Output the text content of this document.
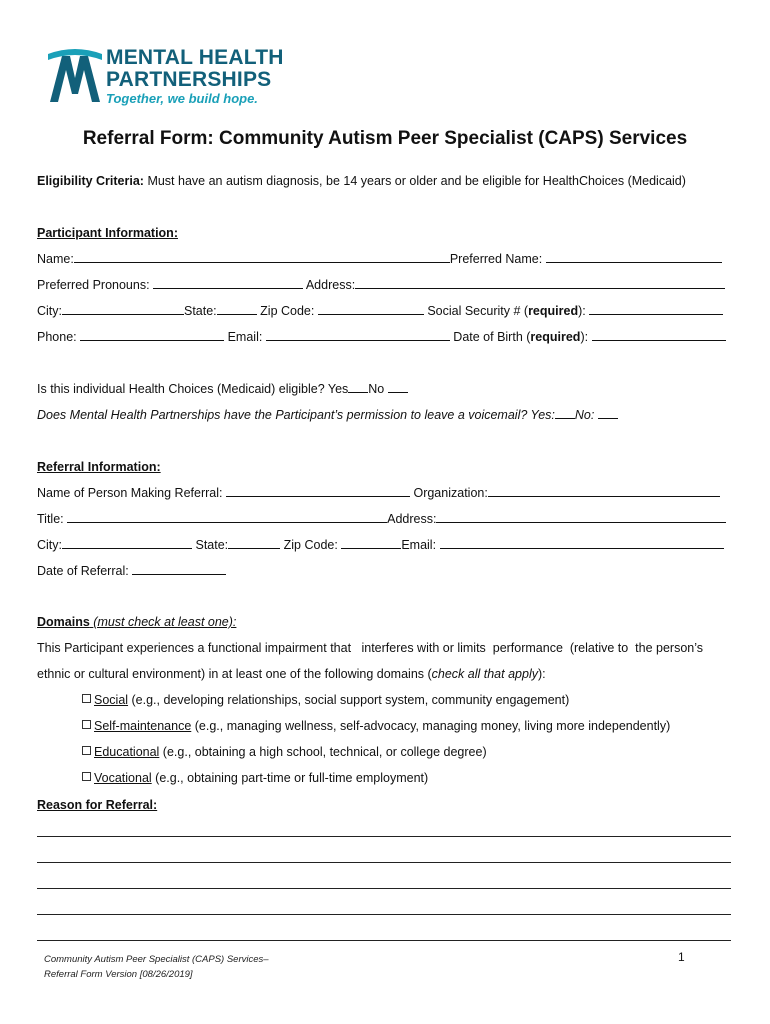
MENTAL HEALTH
PARTNERSHIPS
Together, we build hope.
Referral Form: Community Autism Peer Specialist (CAPS) Services
Eligibility Criteria: Must have an autism diagnosis, be 14 years or older and be eligible for HealthChoices (Medicaid)
Participant Information:
Name:	Preferred Name:
Preferred Pronouns:	Address:
City:	State:	Zip Code:	Social Security # (required):
Phone:	Email:	Date of Birth (required):
Is this individual Health Choices (Medicaid) eligible? Yes No
Does Mental Health Partnerships have the Participant’s permission to leave a voicemail? Yes: No:
Referral Information:
Name of Person Making Referral:	Organization:
Title:	Address:
City:	State:	Zip Code:	Email:
Date of Referral:
Domains (must check at least one):
This Participant experiences a functional impairment that   interferes with or limits  performance  (relative to  the person’s
ethnic or cultural environment) in at least one of the following domains (check all that apply):
Social (e.g., developing relationships, social support system, community engagement)
Self-maintenance (e.g., managing wellness, self-advocacy, managing money, living more independently)
Educational (e.g., obtaining a high school, technical, or college degree)
Vocational (e.g., obtaining part-time or full-time employment)
Reason for Referral:
Community Autism Peer Specialist (CAPS) Services–
Referral Form Version [08/26/2019]
1
